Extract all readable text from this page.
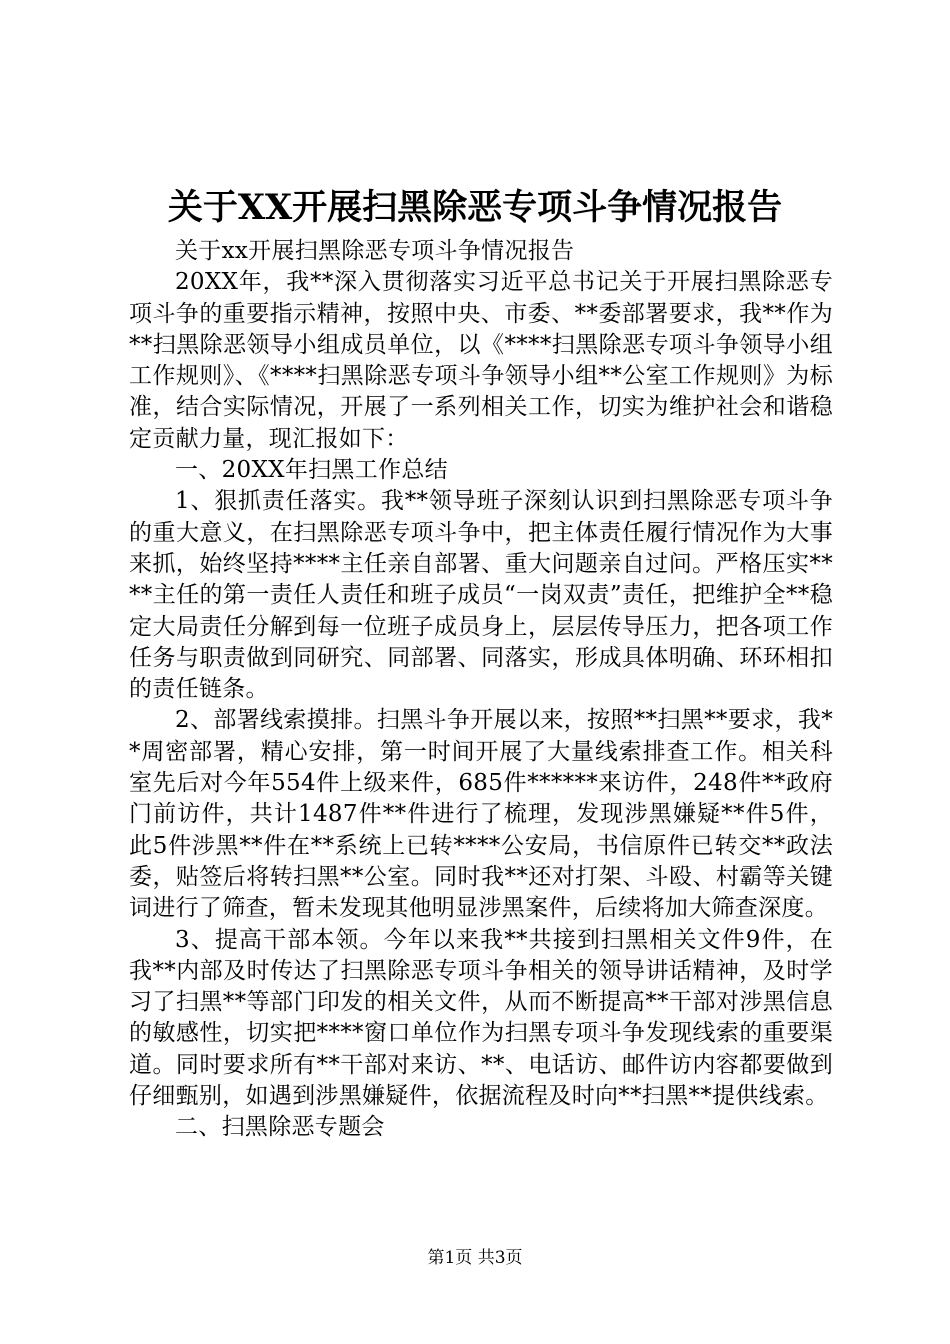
关于XX开展扫黑除恶专项斗争情况报告

关于xx开展扫黑除恶专项斗争情况报告

20XX年，我**深入贯彻落实习近平总书记关于开展扫黑除恶专项斗争的重要指示精神，按照中央、市委、**委部署要求，我**作为**扫黑除恶领导小组成员单位，以《****扫黑除恶专项斗争领导小组工作规则》、《****扫黑除恶专项斗争领导小组**公室工作规则》为标准，结合实际情况，开展了一系列相关工作，切实为维护社会和谐稳定贡献力量，现汇报如下：

一、20XX年扫黑工作总结

1、狠抓责任落实。我**领导班子深刻认识到扫黑除恶专项斗争的重大意义，在扫黑除恶专项斗争中，把主体责任履行情况作为大事来抓，始终坚持****主任亲自部署、重大问题亲自过问。严格压实****主任的第一责任人责任和班子成员“一岗双责”责任，把维护全**稳定大局责任分解到每一位班子成员身上，层层传导压力，把各项工作任务与职责做到同研究、同部署、同落实，形成具体明确、环环相扣的责任链条。

2、部署线索摸排。扫黑斗争开展以来，按照**扫黑**要求，我**周密部署，精心安排，第一时间开展了大量线索排查工作。相关科室先后对今年554件上级来件，685件******来访件，248件**政府门前访件，共计1487件**件进行了梳理，发现涉黑嫌疑**件5件，此5件涉黑**件在**系统上已转****公安局，书信原件已转交**政法委，贴签后将转扫黑**公室。同时我**还对打架、斗殴、村霸等关键词进行了筛查，暂未发现其他明显涉黑案件，后续将加大筛查深度。

3、提高干部本领。今年以来我**共接到扫黑相关文件9件，在我**内部及时传达了扫黑除恶专项斗争相关的领导讲话精神，及时学习了扫黑**等部门印发的相关文件，从而不断提高**干部对涉黑信息的敏感性，切实把****窗口单位作为扫黑专项斗争发现线索的重要渠道。同时要求所有**干部对来访、**、电话访、邮件访内容都要做到仔细甄别，如遇到涉黑嫌疑件，依据流程及时向**扫黑**提供线索。

二、扫黑除恶专题会

第1页 共3页
